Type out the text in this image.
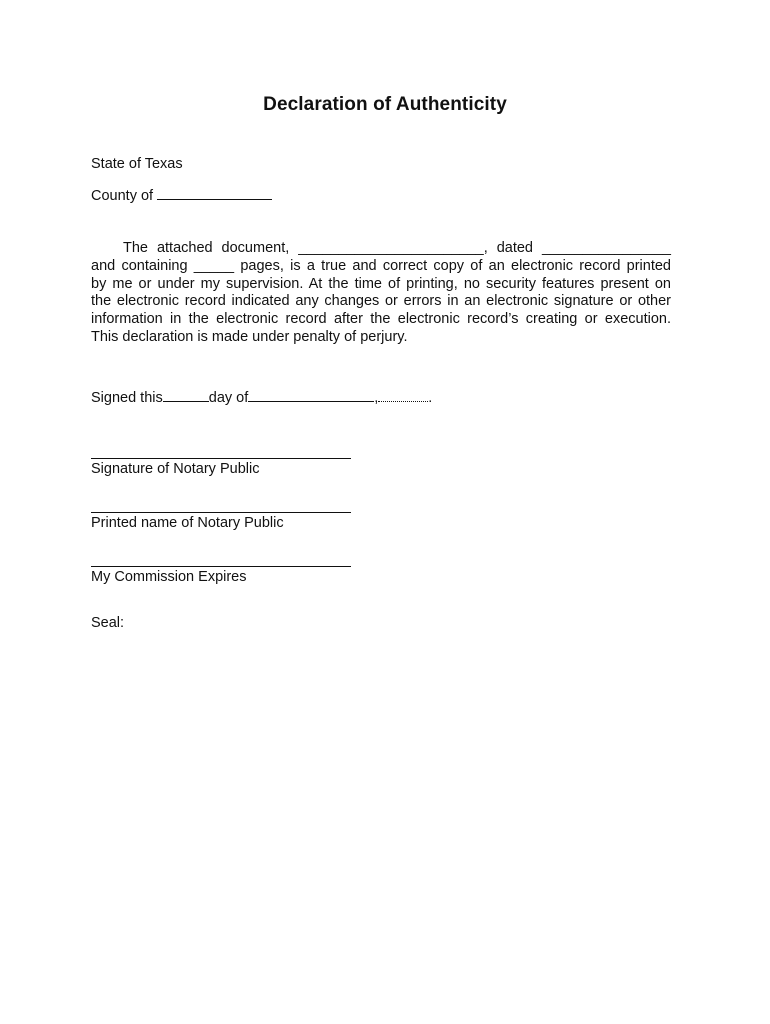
Declaration of Authenticity
State of Texas
County of
The attached document, _______________________, dated ________________
and containing _____ pages, is a true and correct copy of an electronic record printed
by me or under my supervision. At the time of printing, no security features present on
the electronic record indicated any changes or errors in an electronic signature or other
information in the electronic record after the electronic record’s creating or execution.
This declaration is made under penalty of perjury.
Signed this	day of	,	.
Signature of Notary Public
Printed name of Notary Public
My Commission Expires
Seal:
